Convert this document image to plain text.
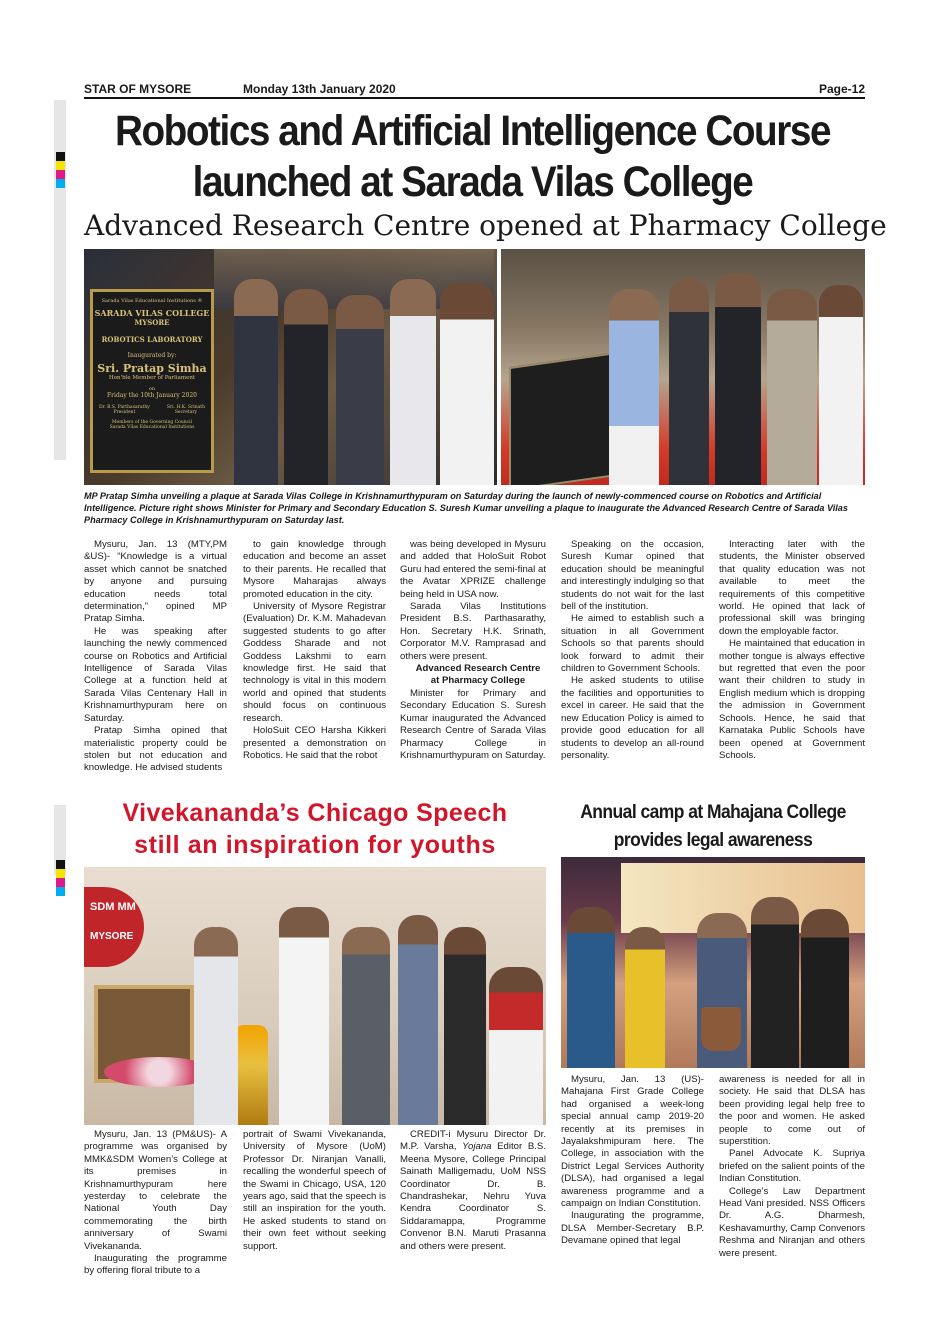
STAR OF MYSORE	Monday 13th January 2020	Page-12
Robotics and Artificial Intelligence Course
launched at Sarada Vilas College
Advanced Research Centre opened at Pharmacy College
Sarada Vilas Educational Institutions ®
SARADA VILAS COLLEGE
MYSORE
ROBOTICS LABORATORY
Inaugurated by:
Sri. Pratap Simha
Hon'ble Member of Parliament
on
Friday the 10th January 2020
Dr. B.S. Parthasarathy
President
Sri. H.K. Srinath
Secretary
Members of the Governing Council
Sarada Vilas Educational Institutions
MP Pratap Simha unveiling a plaque at Sarada Vilas College in Krishnamurthypuram on Saturday during the launch of newly-commenced course on Robotics and Artificial Intelligence. Picture right shows Minister for Primary and Secondary Education S. Suresh Kumar unveiling a plaque to inaugurate the Advanced Research Centre of Sarada Vilas Pharmacy College in Krishnamurthypuram on Saturday last.

Mysuru, Jan. 13 (MTY,PM &US)- “Knowledge is a virtual asset which cannot be snatched by anyone and pursuing education needs total determination,” opined MP Pratap Simha.

He was speaking after launching the newly commenced course on Robotics and Artificial Intelligence of Sarada Vilas College at a function held at Sarada Vilas Centenary Hall in Krishnamurthypuram here on Saturday.

Pratap Simha opined that materialistic property could be stolen but not education and knowledge. He advised students

to gain knowledge through education and become an asset to their parents. He recalled that Mysore Maharajas always promoted education in the city.

University of Mysore Registrar (Evaluation) Dr. K.M. Mahadevan suggested students to go after Goddess Sharade and not Goddess Lakshmi to earn knowledge first. He said that technology is vital in this modern world and opined that students should focus on continuous research.

HoloSuit CEO Harsha Kikkeri presented a demonstration on Robotics. He said that the robot

was being developed in Mysuru and added that HoloSuit Robot Guru had entered the semi-final at the Avatar XPRIZE challenge being held in USA now.

Sarada Vilas Institutions President B.S. Parthasarathy, Hon. Secretary H.K. Srinath, Corporator M.V. Ramprasad and others were present.

Advanced Research Centre

at Pharmacy College

Minister for Primary and Secondary Education S. Suresh Kumar inaugurated the Advanced Research Centre of Sarada Vilas Pharmacy College in Krishnamurthypuram on Saturday.

Speaking on the occasion, Suresh Kumar opined that education should be meaningful and interestingly indulging so that students do not wait for the last bell of the institution.

He aimed to establish such a situation in all Government Schools so that parents should look forward to admit their children to Government Schools.

He asked students to utilise the facilities and opportunities to excel in career. He said that the new Education Policy is aimed to provide good education for all students to develop an all-round personality.

Interacting later with the students, the Minister observed that quality education was not available to meet the requirements of this competitive world. He opined that lack of professional skill was bringing down the employable factor.

He maintained that education in mother tongue is always effective but regretted that even the poor want their children to study in English medium which is dropping the admission in Government Schools. Hence, he said that Karnataka Public Schools have been opened at Government Schools.

Vivekananda’s Chicago Speech
still an inspiration for youths
SDM MM
MYSORE

Mysuru, Jan. 13 (PM&US)- A programme was organised by MMK&SDM Women’s College at its premises in Krishnamurthypuram here yesterday to celebrate the National Youth Day commemorating the birth anniversary of Swami Vivekananda.

Inaugurating the programme by offering floral tribute to a

portrait of Swami Vivekananda, University of Mysore (UoM) Professor Dr. Niranjan Vanalli, recalling the wonderful speech of the Swami in Chicago, USA, 120 years ago, said that the speech is still an inspiration for the youth. He asked students to stand on their own feet without seeking support.

CREDIT-i Mysuru Director Dr. M.P. Varsha, Yojana Editor B.S. Meena Mysore, College Principal Sainath Malligemadu, UoM NSS Coordinator Dr. B. Chandrashekar, Nehru Yuva Kendra Coordinator S. Siddaramappa, Programme Convenor B.N. Maruti Prasanna and others were present.

Annual camp at Mahajana College
provides legal awareness

Mysuru, Jan. 13 (US)- Mahajana First Grade College had organised a week-long special annual camp 2019-20 recently at its premises in Jayalakshmipuram here. The College, in association with the District Legal Services Authority (DLSA), had organised a legal awareness programme and a campaign on Indian Constitution.

Inaugurating the programme, DLSA Member-Secretary B.P. Devamane opined that legal

awareness is needed for all in society. He said that DLSA has been providing legal help free to the poor and women. He asked people to come out of superstition.

Panel Advocate K. Supriya briefed on the salient points of the Indian Constitution.

College’s Law Department Head Vani presided. NSS Officers Dr. A.G. Dharmesh, Keshavamurthy, Camp Convenors Reshma and Niranjan and others were present.
